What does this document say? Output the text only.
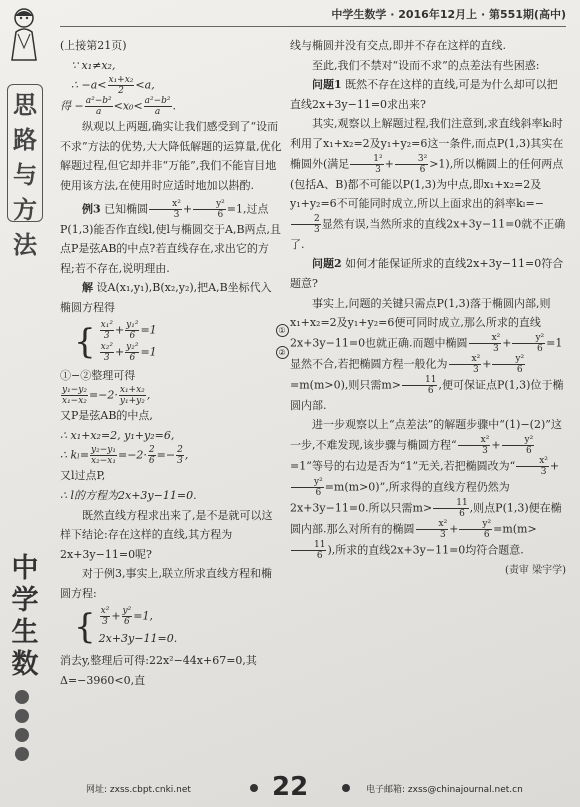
思
路
与
方
法
中
学
生
数
中学生数学 · 2016年12月上 · 第551期(高中)

(上接第21页)

∵ x₁≠x₂,

∴ $-a< \frac{\text{x₁+x₂}}{2} <a$,

得 − $\frac{\text{a²−b²}}{a} <x_0< \frac{\text{a²−b²}}{a}$ .

纵观以上两题,确实让我们感受到了“设而不求”方法的优势,大大降低解题的运算量,优化解题过程,但它却并非“万能”,我们不能盲目地使用该方法,在使用时应适时地加以斟酌.

例3 已知椭圆 $\frac{\text{x²}}{3} + \frac{\text{y²}}{6} =1$,过点P(1,3)能否作直线l,使l与椭圆交于A,B两点,且点P是弦AB的中点?若直线存在,求出它的方程;若不存在,说明理由.

解 设A(x₁,y₁),B(x₂,y₂),把A,B坐标代入椭圆方程得

{ $\frac{\text{x₁²}}{3} + \frac{\text{y₁²}}{6} =1$	①
$\frac{\text{x₂²}}{3} + \frac{\text{y₂²}}{6} =1$	②

①−②整理可得

$\frac{\text{y₁−y₂}}{\text{x₁−x₂}} =-2\cdot \frac{\text{x₁+x₂}}{\text{y₁+y₂}}$ ,

又P是弦AB的中点,

∴ x₁+x₂=2, y₁+y₂=6,

∴ $k_l= \frac{\text{y₂−y₁}}{\text{x₂−x₁}} =-2\cdot \frac{2}{6} =- \frac{2}{3}$ ,

又l过点P,

∴ l的方程为2x+3y−11=0.

既然直线方程求出来了,是不是就可以这样下结论:存在这样的直线,其方程为2x+3y−11=0呢?

对于例3,事实上,联立所求直线方程和椭圆方程:

{ $\frac{\text{x²}}{3} + \frac{\text{y²}}{6} =1$,
2x+3y−11=0.

消去y,整理后可得:22x²−44x+67=0,其Δ=−3960<0,直

线与椭圆并没有交点,即并不存在这样的直线.

至此,我们不禁对“设而不求”的点差法有些困惑:

问题1 既然不存在这样的直线,可是为什么却可以把直线2x+3y−11=0求出来?

其实,观察以上解题过程,我们注意到,求直线斜率kₗ时利用了x₁+x₂=2及y₁+y₂=6这一条件,而点P(1,3)其实在椭圆外(满足 $\frac{\text{1²}}{3} + \frac{\text{3²}}{6} >1$),所以椭圆上的任何两点(包括A、B)都不可能以P(1,3)为中点,即x₁+x₂=2及y₁+y₂=6不可能同时成立,所以上面求出的斜率kₗ=−
$\frac{2}{3}$ 显然有误,当然所求的直线2x+3y−11=0就不正确了.

问题2 如何才能保证所求的直线2x+3y−11=0符合题意?

事实上,问题的关键只需点P(1,3)落于椭圆内部,则x₁+x₂=2及y₁+y₂=6便可同时成立,那么所求的直线2x+3y−11=0也就正确.而题中椭圆 $\frac{\text{x²}}{3} + \frac{\text{y²}}{6} =1$显然不合,若把椭圆方程一般化为 $\frac{\text{x²}}{3} + \frac{\text{y²}}{6}$
=m(m>0),则只需$m> \frac{11}{6}$ ,便可保证点P(1,3)位于椭圆内部.

进一步观察以上“点差法”的解题步骤中“(1)−(2)”这一步,不难发现,该步骤与椭圆方程“ $\frac{\text{x²}}{3} + \frac{\text{y²}}{6}$
=1”等号的右边是否为“1”无关,若把椭圆改为“ $\frac{\text{x²}}{3}$ +
$\frac{\text{y²}}{6} =m(m>0)$”,所求得的直线方程仍然为2x+3y−11=0.所以只需$m> \frac{11}{6}$ ,则点P(1,3)便在椭圆内部.那么对所有的椭圆 $\frac{\text{x²}}{3} + \frac{\text{y²}}{6} =m(m>$
$\frac{11}{6}$ ),所求的直线2x+3y−11=0均符合题意.

(责审 梁宇学)

网址: zxss.cbpt.cnki.net	22	电子邮箱: zxss@chinajournal.net.cn
